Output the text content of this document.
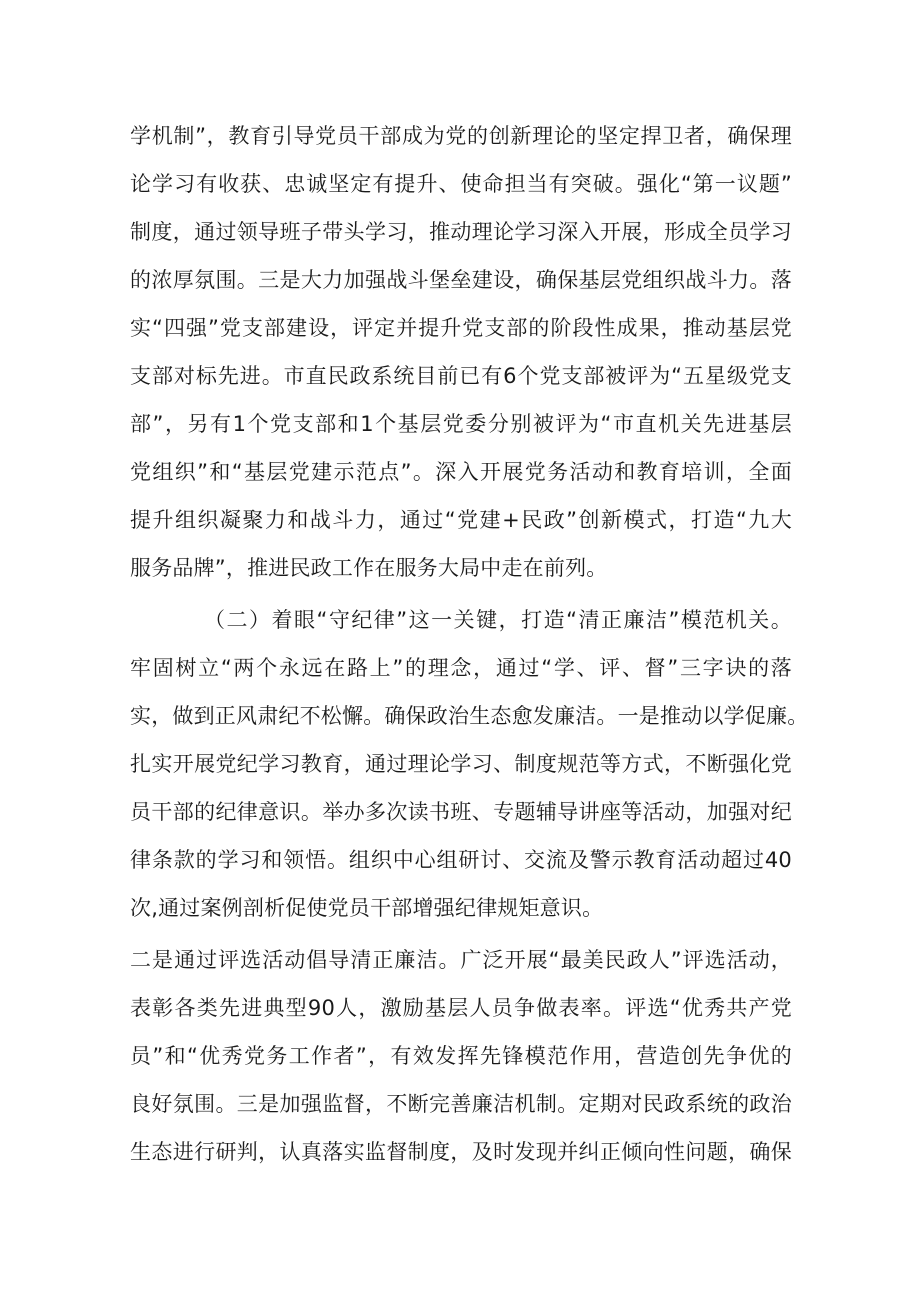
学机制”，教育引导党员干部成为党的创新理论的坚定捍卫者，确保理
论学习有收获、忠诚坚定有提升、使命担当有突破。强化“第一议题”
制度，通过领导班子带头学习，推动理论学习深入开展，形成全员学习
的浓厚氛围。三是大力加强战斗堡垒建设，确保基层党组织战斗力。落
实“四强”党支部建设，评定并提升党支部的阶段性成果，推动基层党
支部对标先进。市直民政系统目前已有6个党支部被评为“五星级党支
部”，另有1个党支部和1个基层党委分别被评为“市直机关先进基层
党组织”和“基层党建示范点”。深入开展党务活动和教育培训，全面
提升组织凝聚力和战斗力，通过“党建+民政”创新模式，打造“九大
服务品牌”，推进民政工作在服务大局中走在前列。
（二）着眼“守纪律”这一关键，打造“清正廉洁”模范机关。
牢固树立“两个永远在路上”的理念，通过“学、评、督”三字诀的落
实，做到正风肃纪不松懈。确保政治生态愈发廉洁。一是推动以学促廉。
扎实开展党纪学习教育，通过理论学习、制度规范等方式，不断强化党
员干部的纪律意识。举办多次读书班、专题辅导讲座等活动，加强对纪
律条款的学习和领悟。组织中心组研讨、交流及警示教育活动超过40
次,通过案例剖析促使党员干部增强纪律规矩意识。
二是通过评选活动倡导清正廉洁。广泛开展“最美民政人”评选活动，
表彰各类先进典型90人，激励基层人员争做表率。评选“优秀共产党
员”和“优秀党务工作者”，有效发挥先锋模范作用，营造创先争优的
良好氛围。三是加强监督，不断完善廉洁机制。定期对民政系统的政治
生态进行研判，认真落实监督制度，及时发现并纠正倾向性问题，确保
